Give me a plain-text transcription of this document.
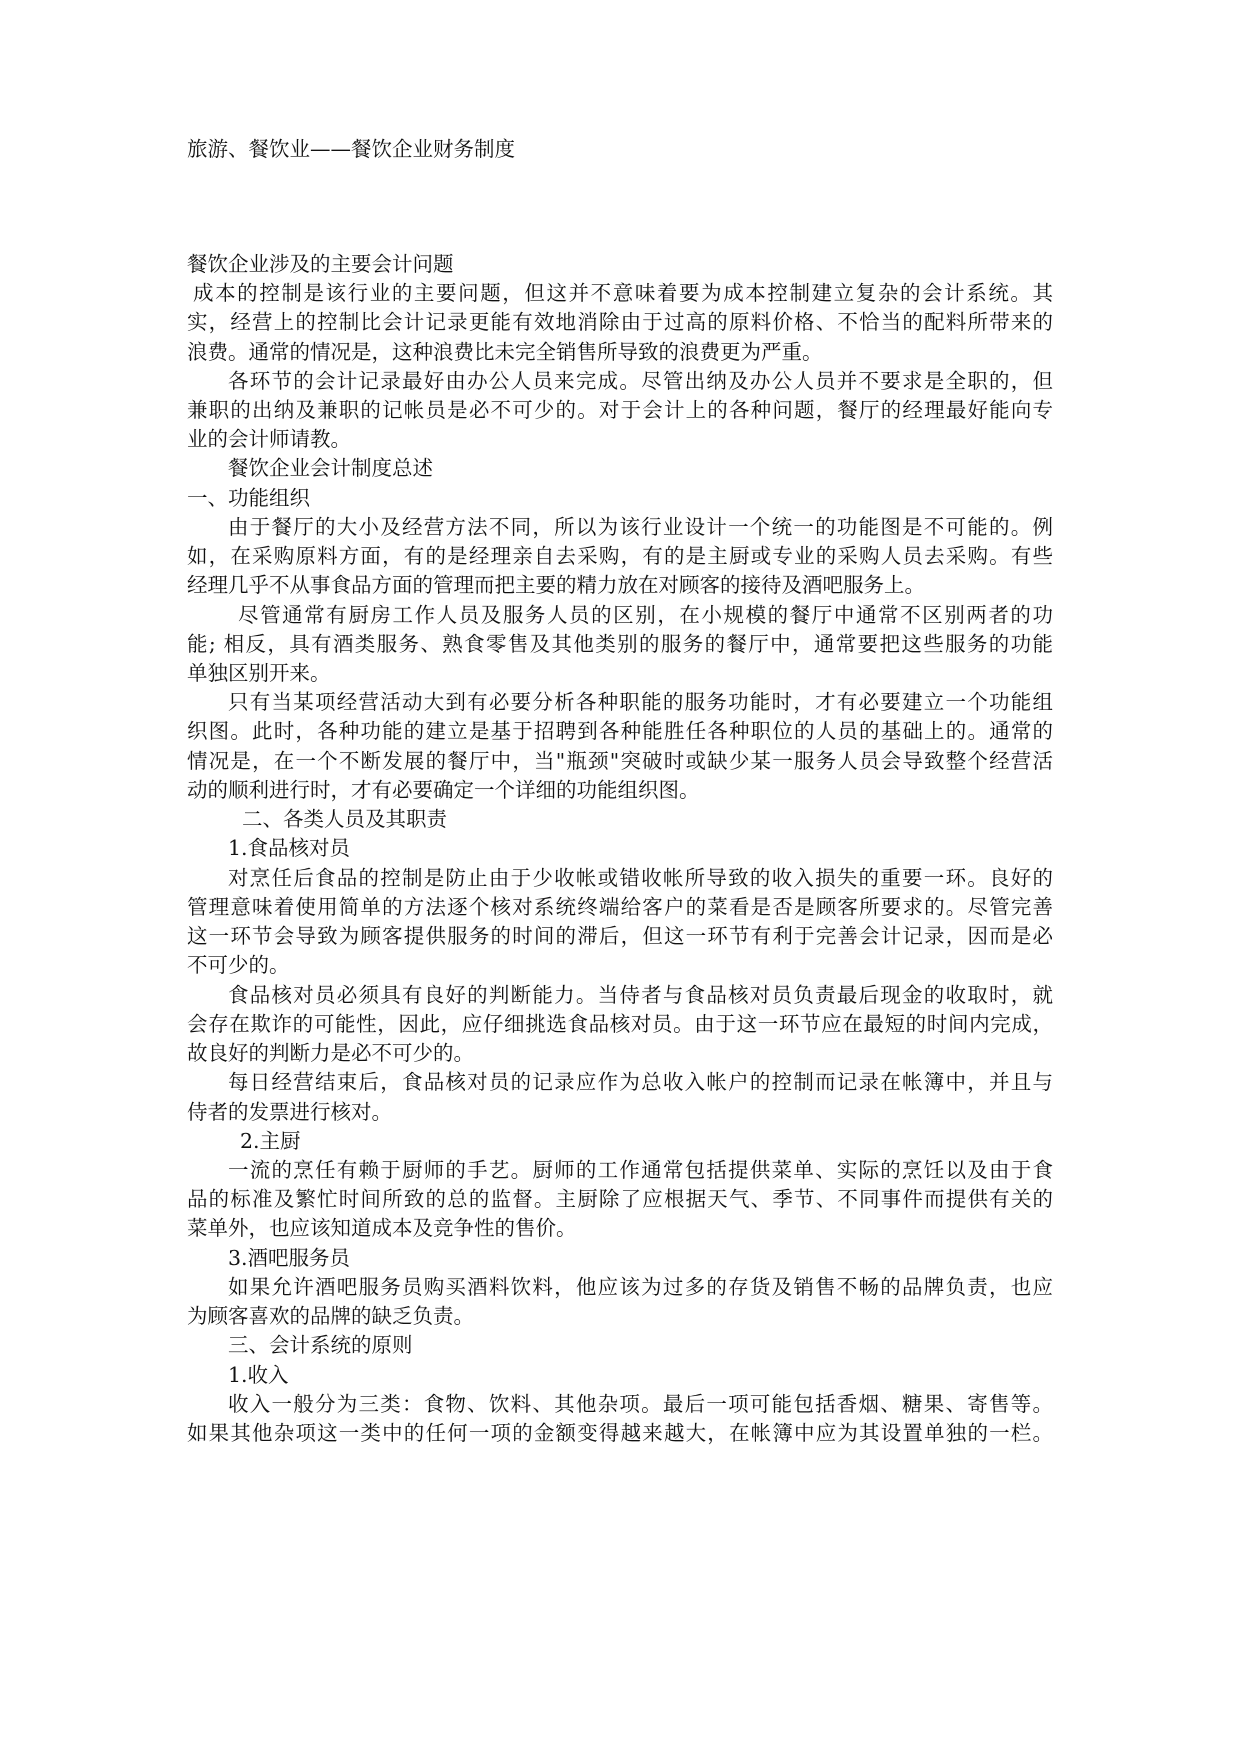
旅游、餐饮业——餐饮企业财务制度
餐饮企业涉及的主要会计问题
成本的控制是该行业的主要问题，但这并不意味着要为成本控制建立复杂的会计系统。其
实，经营上的控制比会计记录更能有效地消除由于过高的原料价格、不恰当的配料所带来的
浪费。通常的情况是，这种浪费比未完全销售所导致的浪费更为严重。
各环节的会计记录最好由办公人员来完成。尽管出纳及办公人员并不要求是全职的，但
兼职的出纳及兼职的记帐员是必不可少的。对于会计上的各种问题，餐厅的经理最好能向专
业的会计师请教。
餐饮企业会计制度总述
一、功能组织
由于餐厅的大小及经营方法不同，所以为该行业设计一个统一的功能图是不可能的。例
如，在采购原料方面，有的是经理亲自去采购，有的是主厨或专业的采购人员去采购。有些
经理几乎不从事食品方面的管理而把主要的精力放在对顾客的接待及酒吧服务上。
尽管通常有厨房工作人员及服务人员的区别，在小规模的餐厅中通常不区别两者的功
能; 相反，具有酒类服务、熟食零售及其他类别的服务的餐厅中，通常要把这些服务的功能
单独区别开来。
只有当某项经营活动大到有必要分析各种职能的服务功能时，才有必要建立一个功能组
织图。此时，各种功能的建立是基于招聘到各种能胜任各种职位的人员的基础上的。通常的
情况是，在一个不断发展的餐厅中，当"瓶颈"突破时或缺少某一服务人员会导致整个经营活
动的顺利进行时，才有必要确定一个详细的功能组织图。
二、各类人员及其职责
1.食品核对员
对烹任后食品的控制是防止由于少收帐或错收帐所导致的收入损失的重要一环。良好的
管理意味着使用简单的方法逐个核对系统终端给客户的菜看是否是顾客所要求的。尽管完善
这一环节会导致为顾客提供服务的时间的滞后，但这一环节有利于完善会计记录，因而是必
不可少的。
食品核对员必须具有良好的判断能力。当侍者与食品核对员负责最后现金的收取时，就
会存在欺诈的可能性，因此，应仔细挑选食品核对员。由于这一环节应在最短的时间内完成，
故良好的判断力是必不可少的。
每日经营结束后，食品核对员的记录应作为总收入帐户的控制而记录在帐簿中，并且与
侍者的发票进行核对。
2.主厨
一流的烹任有赖于厨师的手艺。厨师的工作通常包括提供菜单、实际的烹饪以及由于食
品的标准及繁忙时间所致的总的监督。主厨除了应根据天气、季节、不同事件而提供有关的
菜单外，也应该知道成本及竞争性的售价。
3.酒吧服务员
如果允许酒吧服务员购买酒料饮料，他应该为过多的存货及销售不畅的品牌负责，也应
为顾客喜欢的品牌的缺乏负责。
三、会计系统的原则
1.收入
收入一般分为三类：食物、饮料、其他杂项。最后一项可能包括香烟、糖果、寄售等。
如果其他杂项这一类中的任何一项的金额变得越来越大，在帐簿中应为其设置单独的一栏。
